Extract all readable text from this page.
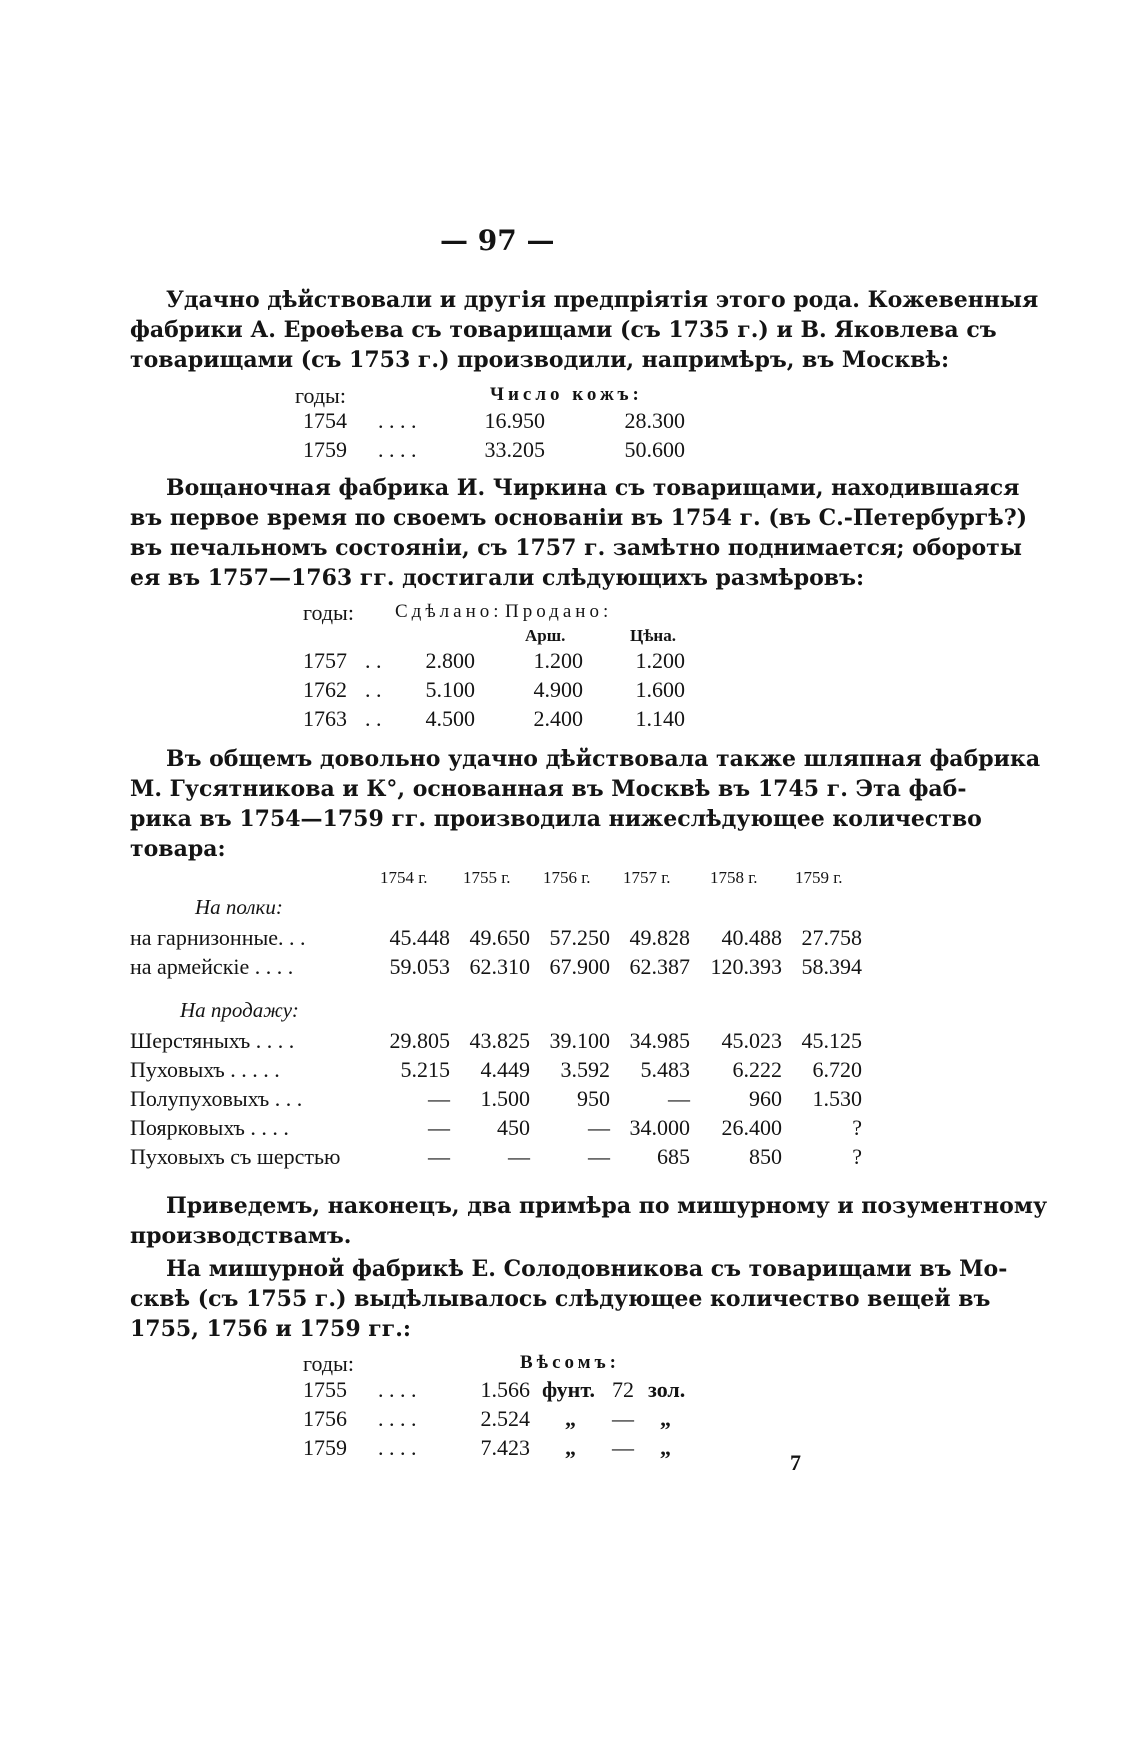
— 97 —
Удачно дѣйствовали и другія предпріятія этого рода. Кожевенныя
фабрики А. Ероѳѣева съ товарищами (съ 1735 г.) и В. Яковлева съ
товарищами (съ 1753 г.) производили, напримѣръ, въ Москвѣ:
годы:	Число кожъ:
1754 . . . .	16.950	28.300
1759 . . . .	33.205	50.600
Вощаночная фабрика И. Чиркина съ товарищами, находившаяся
въ первое время по своемъ основаніи въ 1754 г. (въ С.-Петербургѣ?)
въ печальномъ состояніи, съ 1757 г. замѣтно поднимается; обороты
ея въ 1757—1763 гг. достигали слѣдующихъ размѣровъ:
годы: Сдѣлано: Продано:
Арш.	Цѣна.
1757 . .	2.800	1.200	1.200
1762 . .	5.100	4.900	1.600
1763 . .	4.500	2.400	1.140
Въ общемъ довольно удачно дѣйствовала также шляпная фабрика
М. Гусятникова и К°, основанная въ Москвѣ въ 1745 г. Эта фаб-
рика въ 1754—1759 гг. производила нижеслѣдующее количество
товара:
1754 г. 1755 г. 1756 г. 1757 г. 1758 г. 1759 г.
На полки:
на гарнизонные. . .	45.448 49.650 57.250 49.828	40.488 27.758
на армейскіе . . . .	59.053 62.310 67.900 62.387 120.393 58.394
На продажу:
Шерстяныхъ . . . .	29.805 43.825 39.100 34.985	45.023 45.125
Пуховыхъ . . . . .	5.215	4.449	3.592	5.483	6.222	6.720
Полупуховыхъ . . .	—	1.500	950	—	960	1.530
Поярковыхъ . . . .	—	450	— 34.000	26.400	?
Пуховыхъ съ шерстью	—	—	—	685	850	?
Приведемъ, наконецъ, два примѣра по мишурному и позументному
производствамъ.
На мишурной фабрикѣ Е. Солодовникова съ товарищами въ Мо-
сквѣ (съ 1755 г.) выдѣлывалось слѣдующее количество вещей въ
1755, 1756 и 1759 гг.:
годы:	Вѣсомъ:
1755 . . . .	1.566 фунт. 72 зол.
1756 . . . .	2.524 „ — „
1759 . . . .	7.423 „ — „
7
